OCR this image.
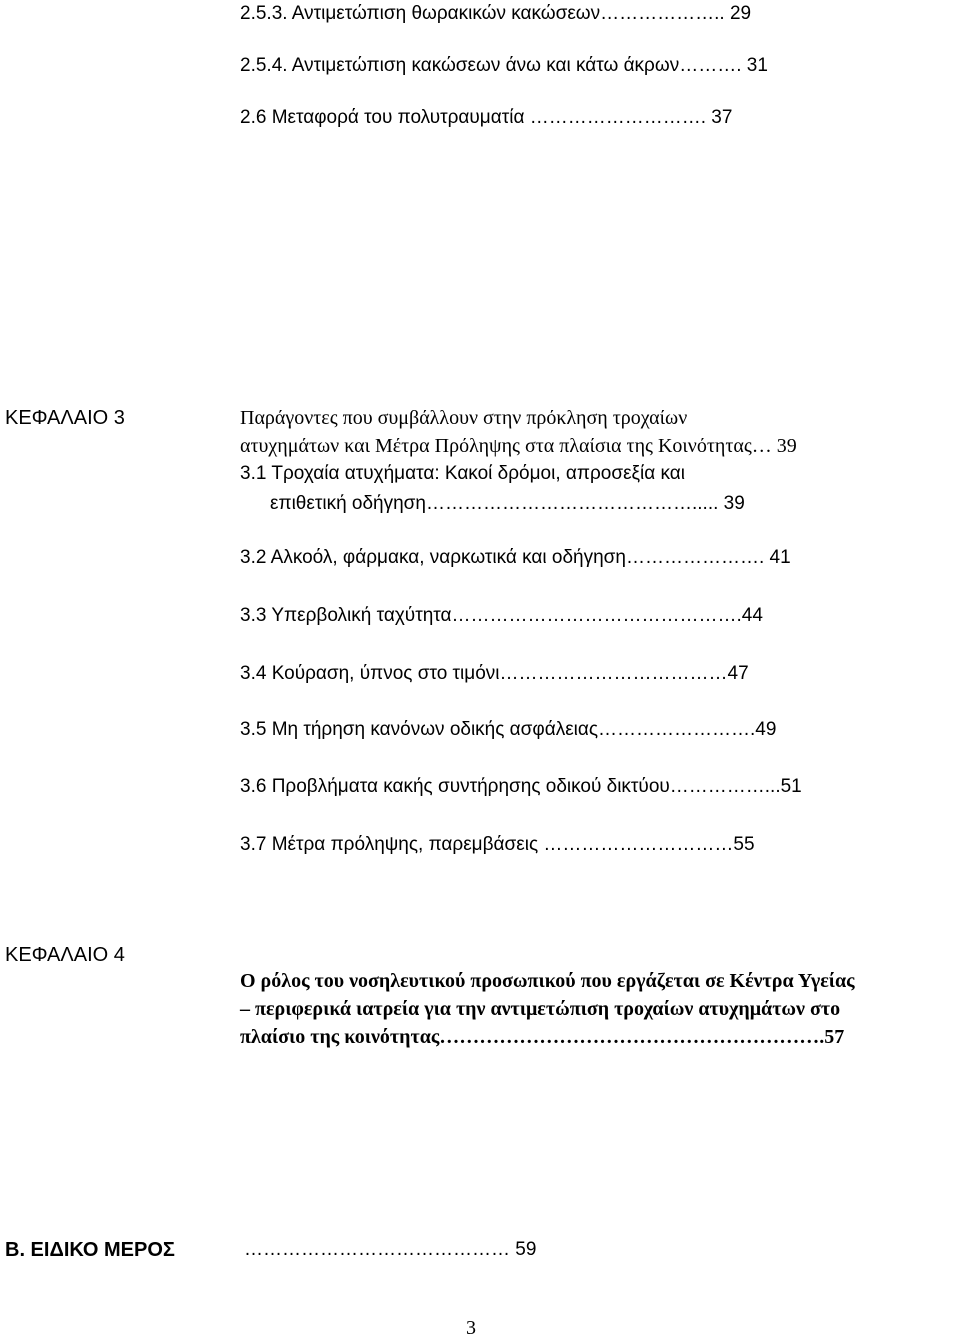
2.5.3. Αντιμετώπιση θωρακικών κακώσεων……………….. 29
2.5.4. Αντιμετώπιση κακώσεων άνω και κάτω άκρων………. 31
2.6 Μεταφορά του πολυτραυματία ………………………. 37
ΚΕΦΑΛΑΙΟ 3	Παράγοντες που συμβάλλουν στην πρόκληση τροχαίων
ατυχημάτων και Μέτρα Πρόληψης στα πλαίσια της Κοινότητας… 39
3.1 Τροχαία ατυχήματα: Κακοί δρόμοι, απροσεξία και
επιθετική οδήγηση……………………………………..... 39
3.2 Αλκοόλ, φάρμακα, ναρκωτικά και οδήγηση…………………. 41
3.3 Υπερβολική ταχύτητα……………………………………….44
3.4 Κούραση, ύπνος στο τιμόνι………………………………47
3.5 Μη τήρηση κανόνων οδικής ασφάλειας…………………….49
3.6 Προβλήματα κακής συντήρησης οδικού δικτύου……………...51
3.7 Μέτρα πρόληψης, παρεμβάσεις …………………………55
ΚΕΦΑΛΑΙΟ 4
Ο ρόλος του νοσηλευτικού προσωπικού που εργάζεται σε Κέντρα Υγείας
– περιφερικά ιατρεία για την αντιμετώπιση τροχαίων ατυχημάτων στο
πλαίσιο της κοινότητας………………………………………………….57
Β. ΕΙΔΙΚΟ ΜΕΡΟΣ	…………………………………… 59
3
